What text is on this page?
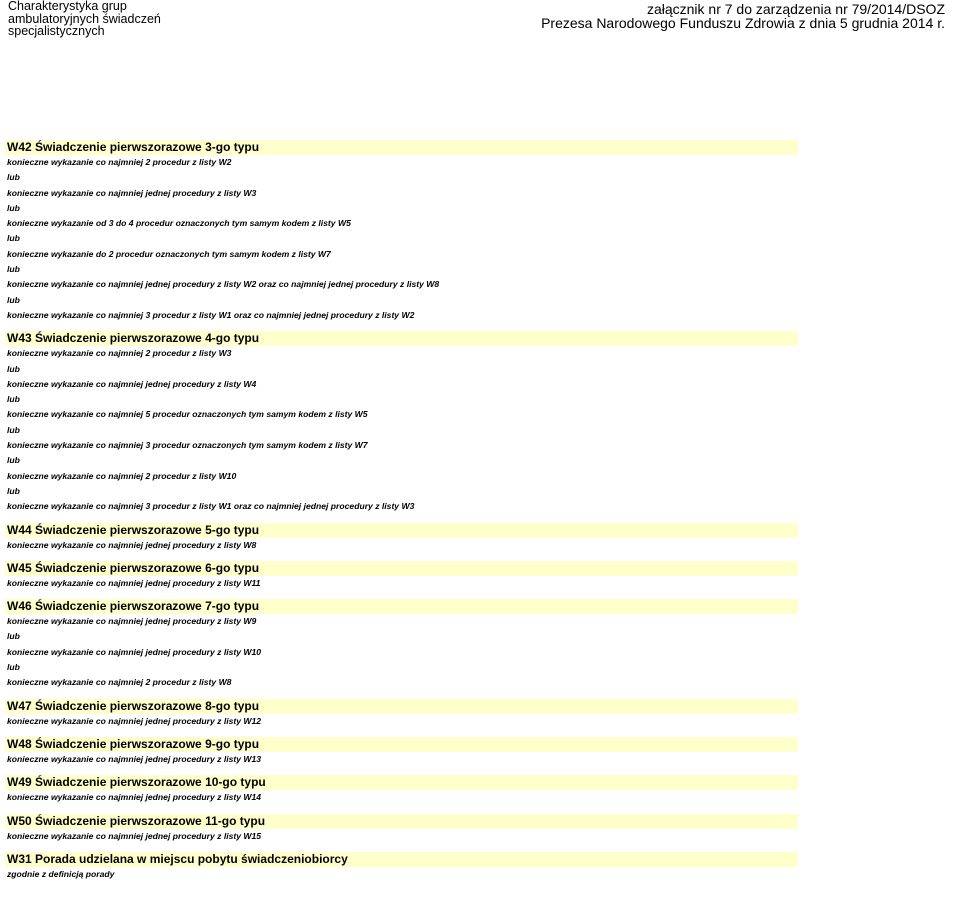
Charakterystyka grup
ambulatoryjnych świadczeń
specjalistycznych
załącznik nr 7 do zarządzenia nr 79/2014/DSOZ
Prezesa Narodowego Funduszu Zdrowia z dnia 5 grudnia 2014 r.
W42 Świadczenie pierwszorazowe 3-go typu
konieczne wykazanie co najmniej 2 procedur z listy W2
lub
konieczne wykazanie co najmniej jednej procedury z listy W3
lub
konieczne wykazanie od 3 do 4 procedur oznaczonych tym samym kodem z listy W5
lub
konieczne wykazanie do 2 procedur oznaczonych tym samym kodem z listy W7
lub
konieczne wykazanie co najmniej jednej procedury z listy W2 oraz co najmniej jednej procedury z listy W8
lub
konieczne wykazanie co najmniej 3 procedur z listy W1 oraz co najmniej jednej procedury z listy W2
W43 Świadczenie pierwszorazowe 4-go typu
konieczne wykazanie co najmniej 2 procedur z listy W3
lub
konieczne wykazanie co najmniej jednej procedury z listy W4
lub
konieczne wykazanie co najmniej 5 procedur oznaczonych tym samym kodem z listy W5
lub
konieczne wykazanie co najmniej 3 procedur oznaczonych tym samym kodem z listy W7
lub
konieczne wykazanie co najmniej 2 procedur z listy W10
lub
konieczne wykazanie co najmniej 3 procedur z listy W1 oraz co najmniej jednej procedury z listy W3
W44 Świadczenie pierwszorazowe 5-go typu
konieczne wykazanie co najmniej jednej procedury z listy W8
W45 Świadczenie pierwszorazowe 6-go typu
konieczne wykazanie co najmniej jednej procedury z listy W11
W46 Świadczenie pierwszorazowe 7-go typu
konieczne wykazanie co najmniej jednej procedury z listy W9
lub
konieczne wykazanie co najmniej jednej procedury z listy W10
lub
konieczne wykazanie co najmniej 2 procedur z listy W8
W47 Świadczenie pierwszorazowe 8-go typu
konieczne wykazanie co najmniej jednej procedury z listy W12
W48 Świadczenie pierwszorazowe 9-go typu
konieczne wykazanie co najmniej jednej procedury z listy W13
W49 Świadczenie pierwszorazowe 10-go typu
konieczne wykazanie co najmniej jednej procedury z listy W14
W50 Świadczenie pierwszorazowe 11-go typu
konieczne wykazanie co najmniej jednej procedury z listy W15
W31 Porada udzielana w miejscu pobytu świadczeniobiorcy
zgodnie z definicją porady
